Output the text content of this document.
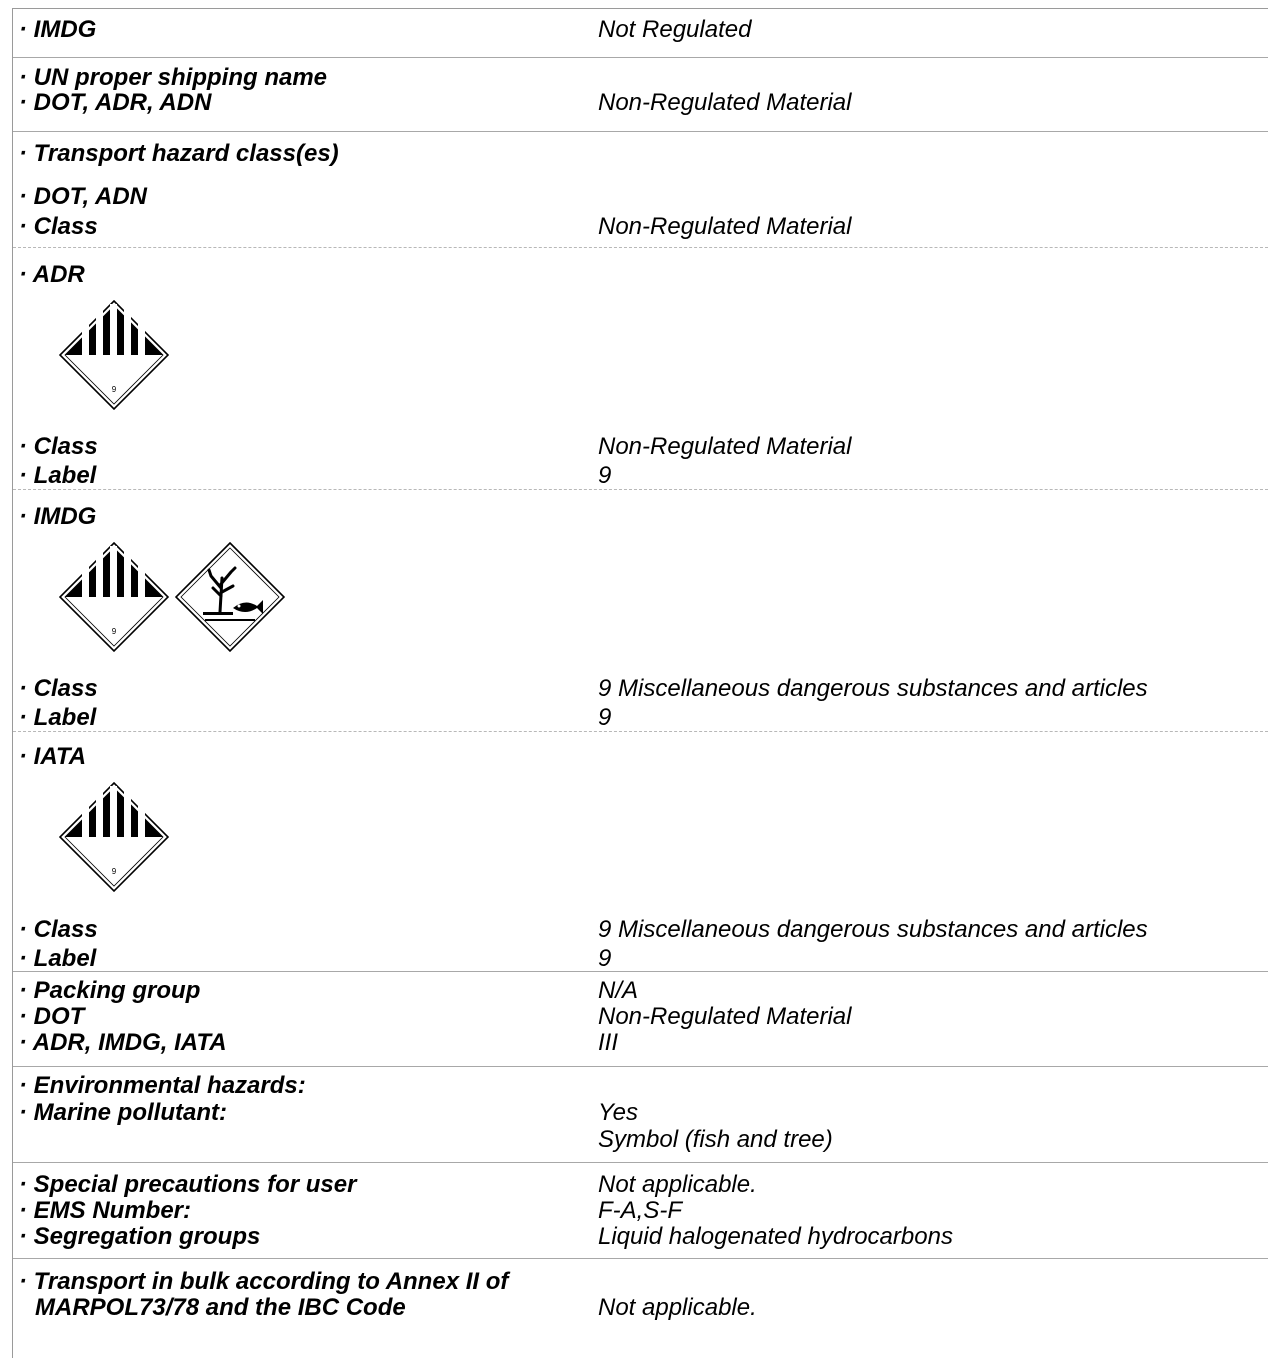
· IMDG	Not Regulated
· UN proper shipping name
· DOT, ADR, ADN	Non-Regulated Material
· Transport hazard class(es)
· DOT, ADN
· Class	Non-Regulated Material
· ADR
· Class	Non-Regulated Material
· Label	9
· IMDG
· Class	9 Miscellaneous dangerous substances and articles
· Label	9
· IATA
· Class	9 Miscellaneous dangerous substances and articles
· Label	9
· Packing group	N/A
· DOT	Non-Regulated Material
· ADR, IMDG, IATA	III
· Environmental hazards:
· Marine pollutant:	Yes
Symbol (fish and tree)
· Special precautions for user	Not applicable.
· EMS Number:	F-A,S-F
· Segregation groups	Liquid halogenated hydrocarbons
· Transport in bulk according to Annex II of
MARPOL73/78 and the IBC Code	Not applicable.
